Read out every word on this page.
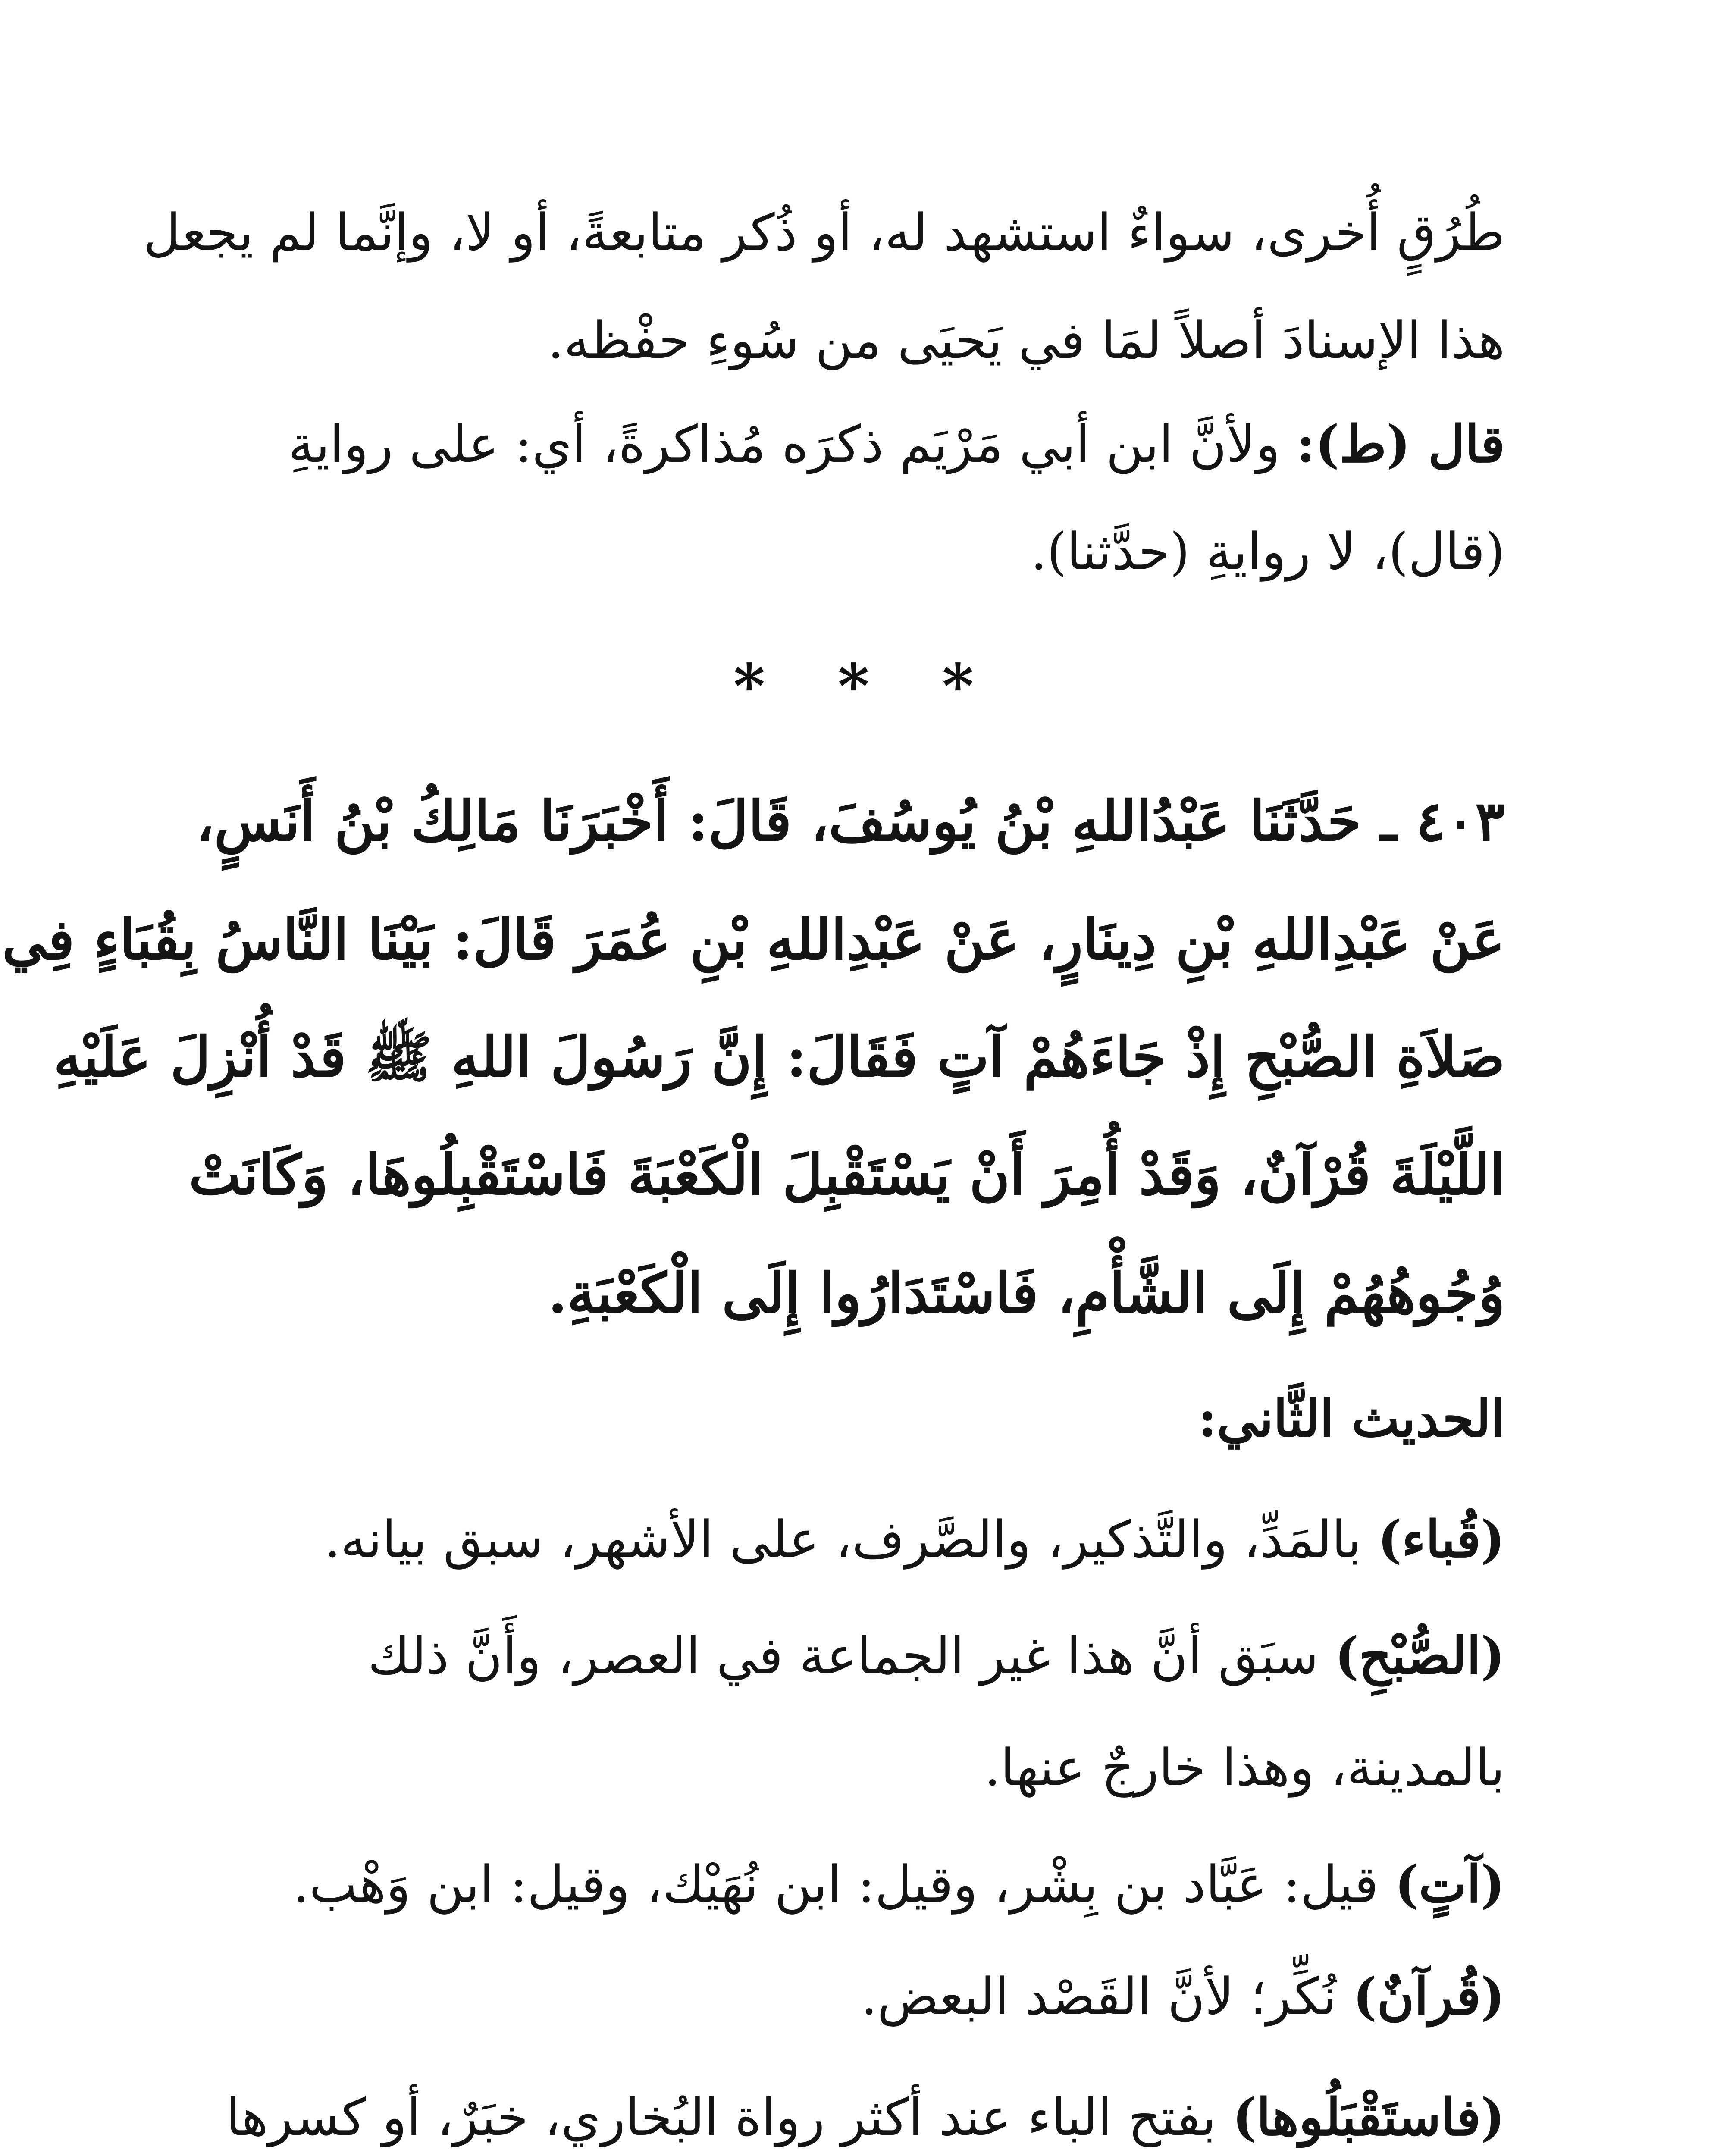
طُرُقٍ أُخرى، سواءٌ استشهد له، أو ذُكر متابعةً، أو لا، وإنَّما لم يجعل
هذا الإسنادَ أصلاً لمَا في يَحيَى من سُوءِ حفْظه.
قال (ط): ولأنَّ ابن أبي مَرْيَم ذكرَه مُذاكرةً، أي: على روايةِ
(قال)، لا روايةِ (حدَّثنا).
* * *
٤٠٣ ـ حَدَّثَنَا عَبْدُاللهِ بْنُ يُوسُفَ، قَالَ: أَخْبَرَنَا مَالِكُ بْنُ أَنَسٍ،
عَنْ عَبْدِاللهِ بْنِ دِينَارٍ، عَنْ عَبْدِاللهِ بْنِ عُمَرَ قَالَ: بَيْنَا النَّاسُ بِقُبَاءٍ فِي
صَلاَةِ الصُّبْحِ إِذْ جَاءَهُمْ آتٍ فَقَالَ: إِنَّ رَسُولَ اللهِ ﷺ قَدْ أُنْزِلَ عَلَيْهِ
اللَّيْلَةَ قُرْآنٌ، وَقَدْ أُمِرَ أَنْ يَسْتَقْبِلَ الْكَعْبَةَ فَاسْتَقْبِلُوهَا، وَكَانَتْ
وُجُوهُهُمْ إِلَى الشَّأْمِ، فَاسْتَدَارُوا إِلَى الْكَعْبَةِ.
الحديث الثَّاني:
(قُباء) بالمَدِّ، والتَّذكير، والصَّرف، على الأشهر، سبق بيانه.
(الصُّبْحِ) سبَق أنَّ هذا غير الجماعة في العصر، وأَنَّ ذلك
بالمدينة، وهذا خارجٌ عنها.
(آتٍ) قيل: عَبَّاد بن بِشْر، وقيل: ابن نُهَيْك، وقيل: ابن وَهْب.
(قُرآنٌ) نُكِّر؛ لأنَّ القَصْد البعض.
(فاستَقْبَلُوها) بفتح الباء عند أكثر رواة البُخاري، خبَرٌ، أو كسرها
